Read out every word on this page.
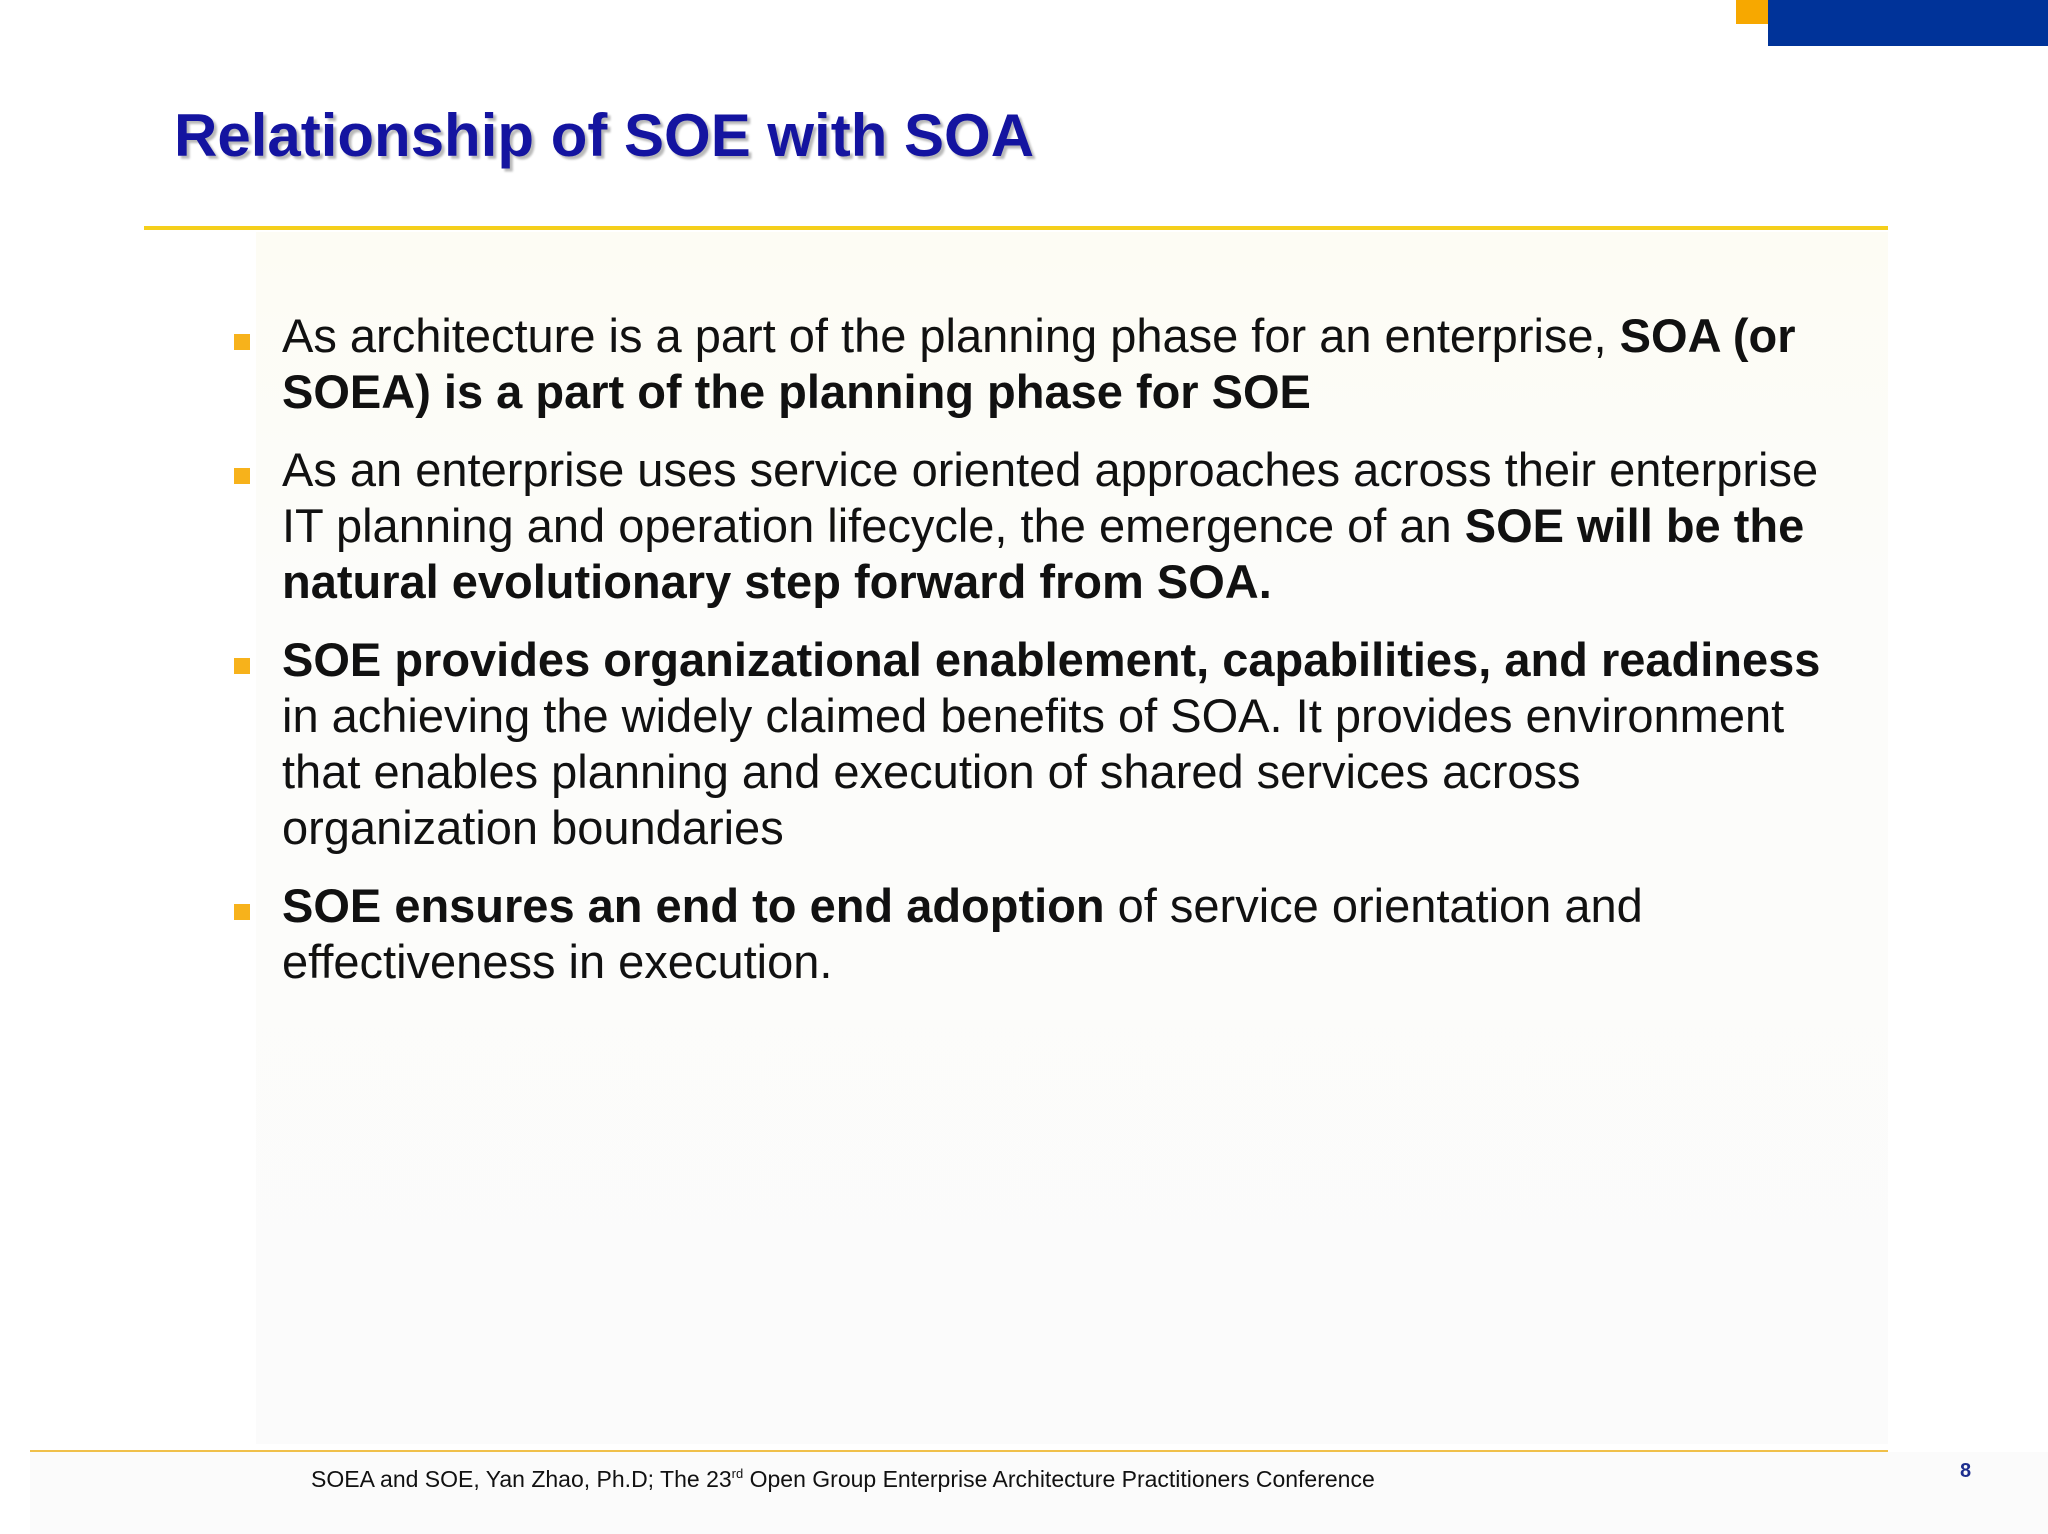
Relationship of SOE with SOA
As architecture is a part of the planning phase for an enterprise, SOA (or SOEA) is a part of the planning phase for SOE
As an enterprise uses service oriented approaches across their enterprise IT planning and operation lifecycle, the emergence of an SOE will be the natural evolutionary step forward from SOA.
SOE provides organizational enablement, capabilities, and readiness in achieving the widely claimed benefits of SOA. It provides environment that enables planning and execution of shared services across organization boundaries
SOE ensures an end to end adoption of service orientation and effectiveness in execution.
SOEA and SOE, Yan Zhao, Ph.D; The 23rd Open Group Enterprise Architecture Practitioners Conference	8
